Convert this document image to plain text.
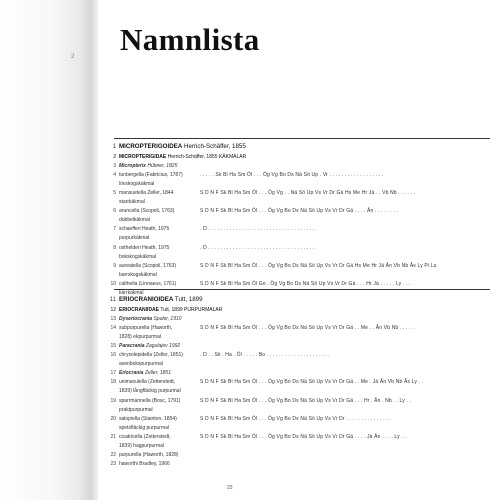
2 Namnlista
1 MICROPTERIGOIDEA Herrich-Schäffer, 1855
2 MICROPTERIGIDAE Herrich-Schäffer, 1855 KÄKMALAR
3 Micropterix Hübner, 1825
4 tunbergella (Fabricius, 1787)	. . . . . Sk Bl Ha Sm Öl . . . Ög Vg Bo Ds Nä Sö Up . Vr . . . . . . . . . . . . . . . . . .
lövskogskäkmal
5 mansuetella Zeller, 1844	S D N F Sk Bl Ha Sm Öl . . . Ög Vg . . Nä Sö Up Vs Vr Dr Gä Hs Me Hr Jä . . Vb Nb . . . . . .
starrkäkmal
6 aruncella (Scopoli, 1763)	S D N F Sk Bl Ha Sm Öl . . . Ög Vg Bo Ds Nä Sö Up Vs Vr Dr Gä . . . . Ån . . . . . . . .
dubbelkäkmal
7 schaefferi Heath, 1975	. D . . . . . . . . . . . . . . . . . . . . . . . . . . . . . . . . . . .
purpurkäkmal
8 osthelderi Heath, 1975	. D . . . . . . . . . . . . . . . . . . . . . . . . . . . . . . . . . . .
bokskogskäkmal
9 aureatella (Scopoli, 1763)	S D N F Sk Bl Ha Sm Öl . . . Ög Vg Bo Ds Nä Sö Up Vs Vr Dr Gä Hs Me Hr Jä Ån Vb Nb Ås Ly Pi Lu
barrskogskäkmal
10 calthella (Linnaeus, 1761)	S D N F Sk Bl Ha Sm Öl Go . Ög Vg Bo Ds Nä Sö Up Vs Vr Dr Gä . . . Hr Jä . . . . . Ly . . .
kärrkäkmal
11 ERIOCRANIOIDEA Tutt, 1899
12 ERIOCRANIIDAE Tutt, 1899 PURPURMALAR
13 Dyseriocrania Spuler, 1910
14 subpurpurella (Haworth,	S D N F Sk Bl Ha Sm Öl . . . Ög Vg Bo Ds Nä Sö Up Vs Vr Dr Gä . . Me . . Ån Vb Nb . . . . .
1828) ekpurpurmal
15 Paracrania Zagulajev 1992
16 chrysolepidella (Zeller, 1851)	. D . . Sk . Ha . Öl . . . . . Bo . . . . . . . . . . . . . . . . . . . . .
avenbokspurpurmal
17 Eriocrania Zeller, 1851
18 unimaculella (Zetterstedt,	S D N F Sk Bl Ha Sm Öl . . . Ög Vg Bo Ds Nä Sö Up Vs Vr Dr Gä . . Me . Jä Ån Vb Nb Ås Ly . .
1839) långfläckig purpurmal
19 sparrmannella (Bosc, 1791)	S D N F Sk Bl Ha Sm Öl . . . Ög Vg Bo Ds Nä Sö Up Vs Vr Dr Gä . . . Hr . Ån . Nb . . Ly . .
praktpurpurmal
20 salopiella (Stainton, 1854)	S D N F Sk Bl Ha Sm Öl . . . Ög Vg Bo Ds Nä Sö Up Vs Vr Dr . . . . . . . . . . . . . . .
spetsfläckig purpurmal
21 cicatricella (Zetterstedt,	S D N F Sk Bl Ha Sm Öl . . . Ög Vg Bo Ds Nä Sö Up Vs Vr Dr Gä . . . . Jä Ån . . . . Ly . .
1839) hagpurpurmal
22 purpurella (Haworth, 1828)
23 haworthi Bradley, 1966
23
